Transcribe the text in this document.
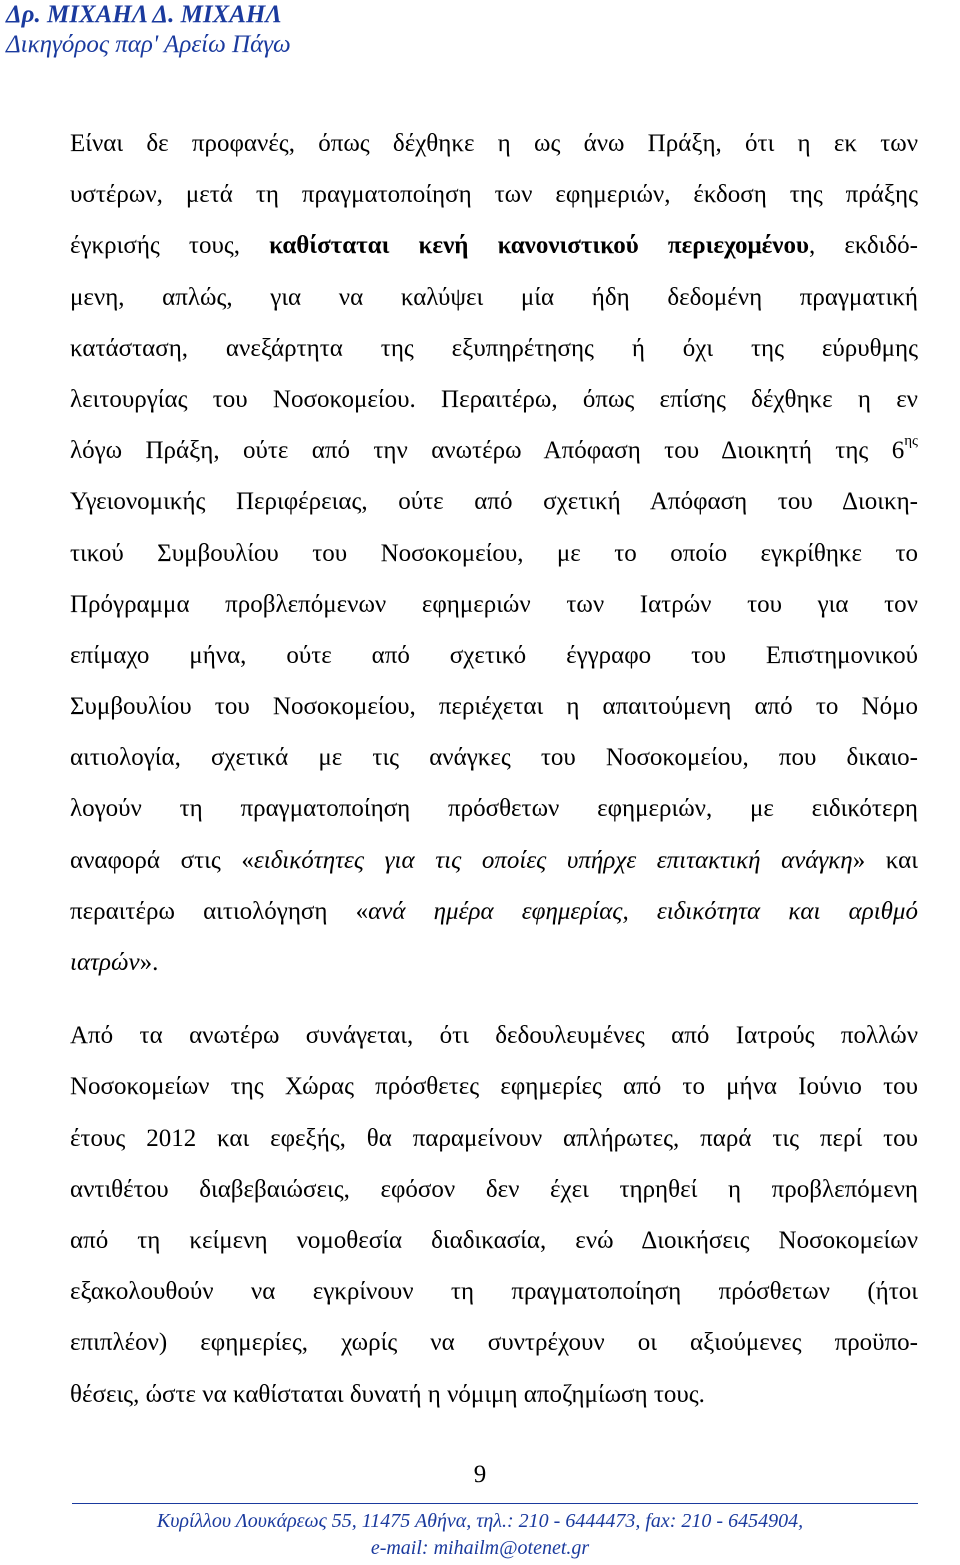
Δρ. ΜΙΧΑΗΛ Δ. ΜΙΧΑΗΛ
Δικηγόρος παρ' Αρείω Πάγω
Είναι δε προφανές, όπως δέχθηκε η ως άνω Πράξη, ότι η εκ των
υστέρων, μετά τη πραγματοποίηση των εφημεριών, έκδοση της πράξης
έγκρισής τους, καθίσταται κενή κανονιστικού περιεχομένου, εκδιδό-
μενη, απλώς, για να καλύψει μία ήδη δεδομένη πραγματική
κατάσταση, ανεξάρτητα της εξυπηρέτησης ή όχι της εύρυθμης
λειτουργίας του Νοσοκομείου. Περαιτέρω, όπως επίσης δέχθηκε η εν
λόγω Πράξη, ούτε από την ανωτέρω Απόφαση του Διοικητή της $6^{\eta\varsigma}$
Υγειονομικής Περιφέρειας, ούτε από σχετική Απόφαση του Διοικη-
τικού Συμβουλίου του Νοσοκομείου, με το οποίο εγκρίθηκε το
Πρόγραμμα προβλεπόμενων εφημεριών των Ιατρών του για τον
επίμαχο μήνα, ούτε από σχετικό έγγραφο του Επιστημονικού
Συμβουλίου του Νοσοκομείου, περιέχεται η απαιτούμενη από το Νόμο
αιτιολογία, σχετικά με τις ανάγκες του Νοσοκομείου, που δικαιο-
λογούν τη πραγματοποίηση πρόσθετων εφημεριών, με ειδικότερη
αναφορά στις «ειδικότητες για τις οποίες υπήρχε επιτακτική ανάγκη» και
περαιτέρω αιτιολόγηση «ανά ημέρα εφημερίας, ειδικότητα και αριθμό
ιατρών».
Από τα ανωτέρω συνάγεται, ότι δεδουλευμένες από Ιατρούς πολλών
Νοσοκομείων της Χώρας πρόσθετες εφημερίες από το μήνα Ιούνιο του
έτους 2012 και εφεξής, θα παραμείνουν απλήρωτες, παρά τις περί του
αντιθέτου διαβεβαιώσεις, εφόσον δεν έχει τηρηθεί η προβλεπόμενη
από τη κείμενη νομοθεσία διαδικασία, ενώ Διοικήσεις Νοσοκομείων
εξακολουθούν να εγκρίνουν τη πραγματοποίηση πρόσθετων (ήτοι
επιπλέον) εφημερίες, χωρίς να συντρέχουν οι αξιούμενες προϋπο-
θέσεις, ώστε να καθίσταται δυνατή η νόμιμη αποζημίωση τους.
9
Κυρίλλου Λουκάρεως 55, 11475 Αθήνα, τηλ.: 210 - 6444473, fax: 210 - 6454904,
e-mail: mihailm@otenet.gr
